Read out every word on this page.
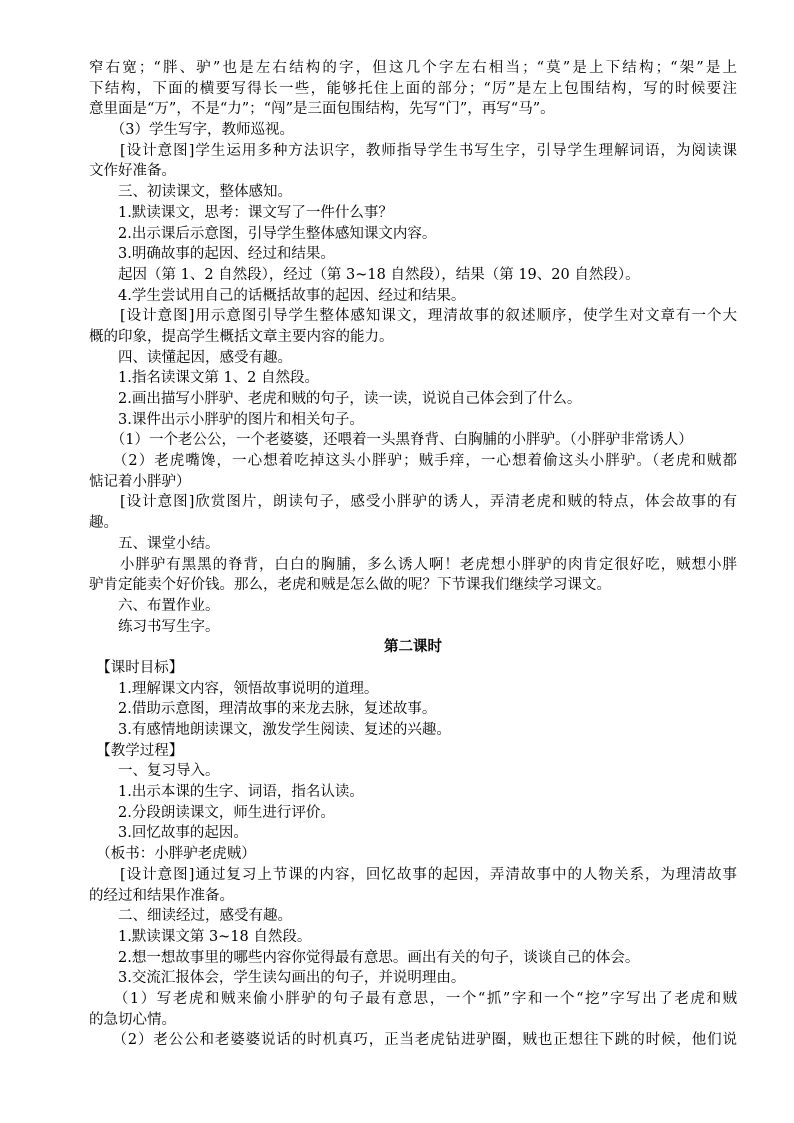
窄右宽；“胖、驴”也是左右结构的字，但这几个字左右相当；“莫”是上下结构；“架”是上
下结构，下面的横要写得长一些，能够托住上面的部分；“厉”是左上包围结构，写的时候要注
意里面是“万”，不是“力”；“闯”是三面包围结构，先写“门”，再写“马”。
　　（3）学生写字，教师巡视。
　　[设计意图]学生运用多种方法识字，教师指导学生书写生字，引导学生理解词语，为阅读课
文作好准备。
　　三、初读课文，整体感知。
　　1.默读课文，思考：课文写了一件什么事？
　　2.出示课后示意图，引导学生整体感知课文内容。
　　3.明确故事的起因、经过和结果。
　　起因（第 1、2 自然段），经过（第 3~18 自然段），结果（第 19、20 自然段）。
　　4.学生尝试用自己的话概括故事的起因、经过和结果。
　　[设计意图]用示意图引导学生整体感知课文，理清故事的叙述顺序，使学生对文章有一个大
概的印象，提高学生概括文章主要内容的能力。
　　四、读懂起因，感受有趣。
　　1.指名读课文第 1、2 自然段。
　　2.画出描写小胖驴、老虎和贼的句子，读一读，说说自己体会到了什么。
　　3.课件出示小胖驴的图片和相关句子。
　　（1）一个老公公，一个老婆婆，还喂着一头黑脊背、白胸脯的小胖驴。（小胖驴非常诱人）
　　（2）老虎嘴馋，一心想着吃掉这头小胖驴；贼手痒，一心想着偷这头小胖驴。（老虎和贼都
惦记着小胖驴）
　　[设计意图]欣赏图片，朗读句子，感受小胖驴的诱人，弄清老虎和贼的特点，体会故事的有
趣。
　　五、课堂小结。
　　小胖驴有黑黑的脊背，白白的胸脯，多么诱人啊！老虎想小胖驴的肉肯定很好吃，贼想小胖
驴肯定能卖个好价钱。那么，老虎和贼是怎么做的呢？下节课我们继续学习课文。
　　六、布置作业。
　　练习书写生字。
第二课时
　【课时目标】
　　1.理解课文内容，领悟故事说明的道理。
　　2.借助示意图，理清故事的来龙去脉，复述故事。
　　3.有感情地朗读课文，激发学生阅读、复述的兴趣。
　【教学过程】
　　一、复习导入。
　　1.出示本课的生字、词语，指名认读。
　　2.分段朗读课文，师生进行评价。
　　3.回忆故事的起因。
　（板书：小胖驴老虎贼）
　　[设计意图]通过复习上节课的内容，回忆故事的起因，弄清故事中的人物关系，为理清故事
的经过和结果作准备。
　　二、细读经过，感受有趣。
　　1.默读课文第 3~18 自然段。
　　2.想一想故事里的哪些内容你觉得最有意思。画出有关的句子，谈谈自己的体会。
　　3.交流汇报体会，学生读勾画出的句子，并说明理由。
　　（1）写老虎和贼来偷小胖驴的句子最有意思，一个“抓”字和一个“挖”字写出了老虎和贼
的急切心情。
　　（2）老公公和老婆婆说话的时机真巧，正当老虎钻进驴圈，贼也正想往下跳的时候，他们说
